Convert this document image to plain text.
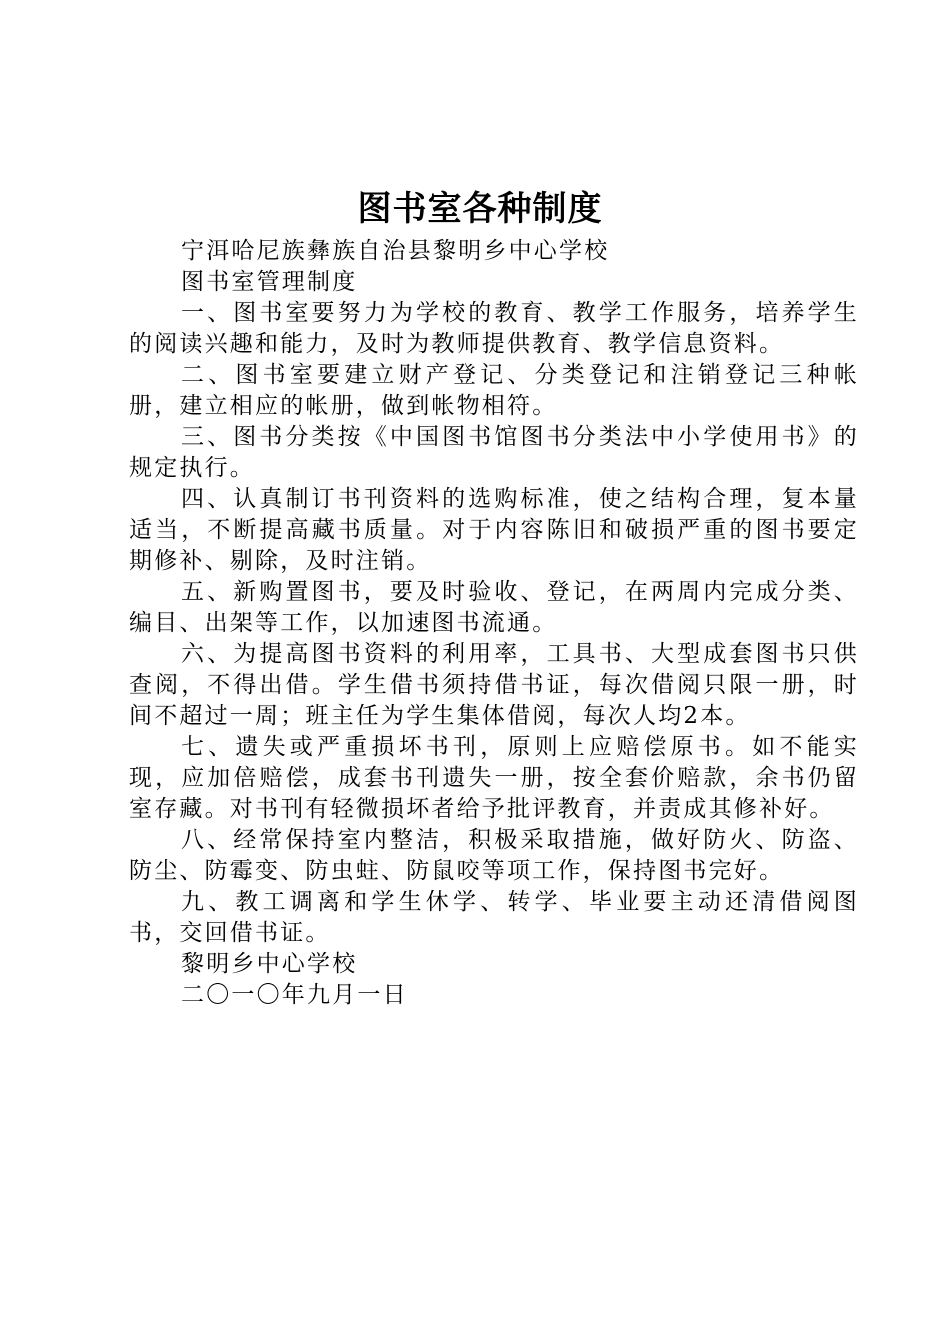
图书室各种制度

宁洱哈尼族彝族自治县黎明乡中心学校

图书室管理制度

一、图书室要努力为学校的教育、教学工作服务，培养学生的阅读兴趣和能力，及时为教师提供教育、教学信息资料。

二、图书室要建立财产登记、分类登记和注销登记三种帐册，建立相应的帐册，做到帐物相符。

三、图书分类按《中国图书馆图书分类法中小学使用书》的规定执行。

四、认真制订书刊资料的选购标准，使之结构合理，复本量适当，不断提高藏书质量。对于内容陈旧和破损严重的图书要定期修补、剔除，及时注销。

五、新购置图书，要及时验收、登记，在两周内完成分类、编目、出架等工作，以加速图书流通。

六、为提高图书资料的利用率，工具书、大型成套图书只供查阅，不得出借。学生借书须持借书证，每次借阅只限一册，时间不超过一周；班主任为学生集体借阅，每次人均2本。

七、遗失或严重损坏书刊，原则上应赔偿原书。如不能实现，应加倍赔偿，成套书刊遗失一册，按全套价赔款，余书仍留室存藏。对书刊有轻微损坏者给予批评教育，并责成其修补好。

八、经常保持室内整洁，积极采取措施，做好防火、防盗、防尘、防霉变、防虫蛀、防鼠咬等项工作，保持图书完好。

九、教工调离和学生休学、转学、毕业要主动还清借阅图书，交回借书证。

黎明乡中心学校

二〇一〇年九月一日
